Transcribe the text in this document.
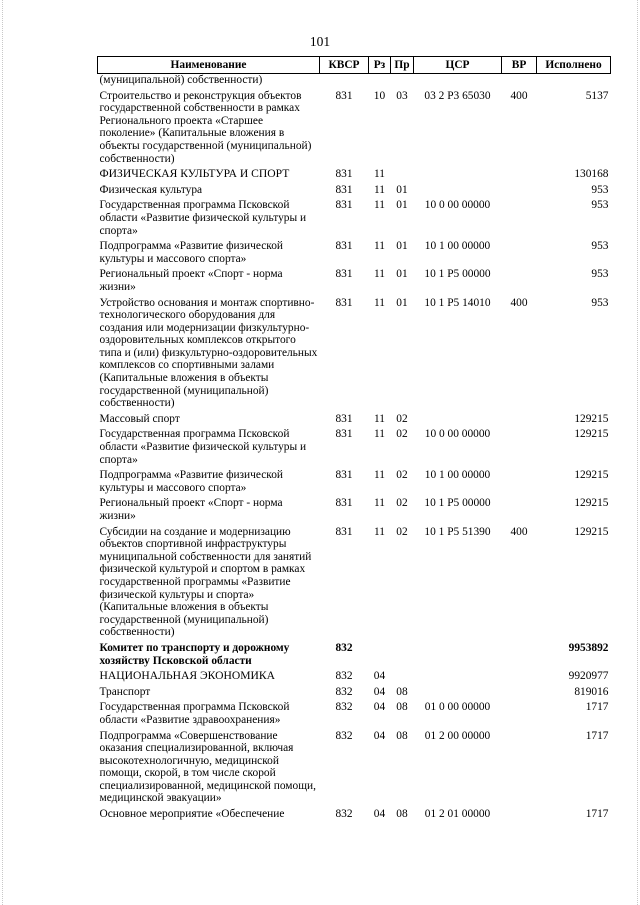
101
Наименование	КВСР	Рз	Пр	ЦСР	ВР	Исполнено
(муниципальной) собственности)						
Строительство и реконструкция объектов государственной собственности в рамках Регионального проекта «Старшее поколение» (Капитальные вложения в объекты государственной (муниципальной) собственности)	831	10	03	03 2 P3 65030	400	5137
ФИЗИЧЕСКАЯ КУЛЬТУРА И СПОРТ	831	11				130168
Физическая культура	831	11	01			953
Государственная программа Псковской области «Развитие физической культуры и спорта»	831	11	01	10 0 00 00000		953
Подпрограмма «Развитие физической культуры и массового спорта»	831	11	01	10 1 00 00000		953
Региональный проект «Спорт - норма жизни»	831	11	01	10 1 P5 00000		953
Устройство основания и монтаж спортивно-технологического оборудования для создания или модернизации физкультурно-оздоровительных комплексов открытого типа и (или) физкультурно-оздоровительных комплексов со спортивными залами (Капитальные вложения в объекты государственной (муниципальной) собственности)	831	11	01	10 1 P5 14010	400	953
Массовый спорт	831	11	02			129215
Государственная программа Псковской области «Развитие физической культуры и спорта»	831	11	02	10 0 00 00000		129215
Подпрограмма «Развитие физической культуры и массового спорта»	831	11	02	10 1 00 00000		129215
Региональный проект «Спорт - норма жизни»	831	11	02	10 1 P5 00000		129215
Субсидии на создание и модернизацию объектов спортивной инфраструктуры муниципальной собственности для занятий физической культурой и спортом в рамках государственной программы «Развитие физической культуры и спорта» (Капитальные вложения в объекты государственной (муниципальной) собственности)	831	11	02	10 1 P5 51390	400	129215
Комитет по транспорту и дорожному хозяйству Псковской области	832					9953892
НАЦИОНАЛЬНАЯ ЭКОНОМИКА	832	04				9920977
Транспорт	832	04	08			819016
Государственная программа Псковской области «Развитие здравоохранения»	832	04	08	01 0 00 00000		1717
Подпрограмма «Совершенствование оказания специализированной, включая высокотехнологичную, медицинской помощи, скорой, в том числе скорой специализированной, медицинской помощи, медицинской эвакуации»	832	04	08	01 2 00 00000		1717
Основное мероприятие «Обеспечение	832	04	08	01 2 01 00000		1717
